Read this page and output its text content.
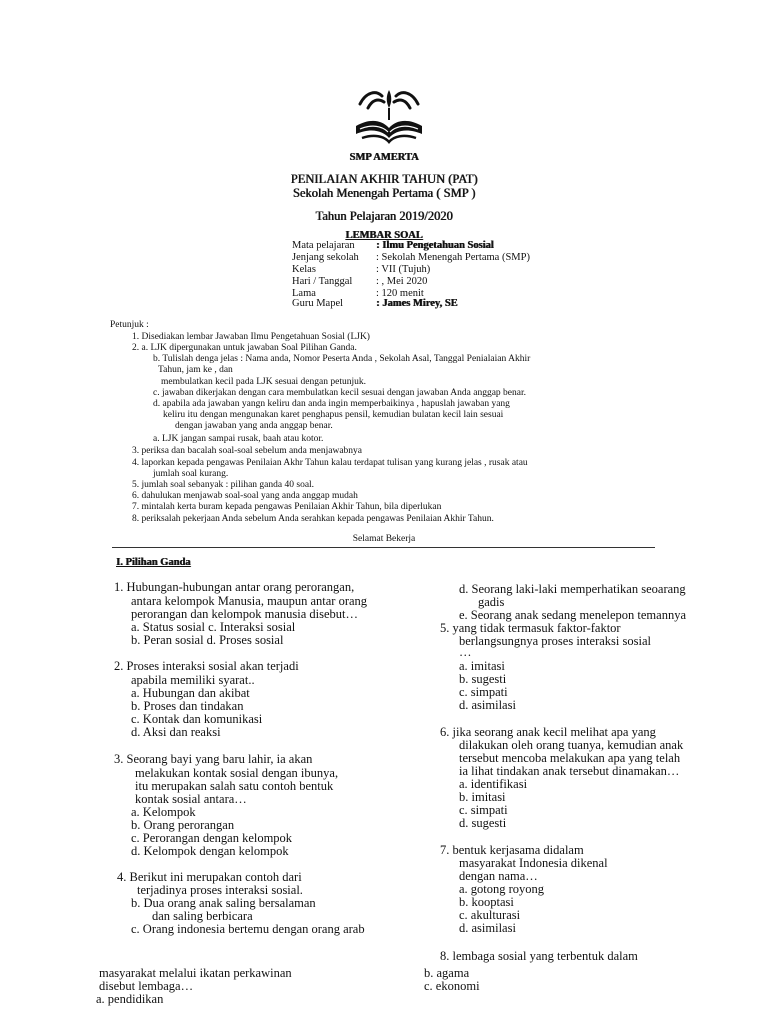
SMP AMERTA
PENILAIAN AKHIR TAHUN (PAT)
Sekolah Menengah Pertama ( SMP )
Tahun Pelajaran 2019/2020
LEMBAR SOAL
Mata pelajaran : Ilmu Pengetahuan Sosial
Jenjang sekolah : Sekolah Menengah Pertama (SMP)
Kelas	: VII (Tujuh)
Hari / Tanggal : , Mei 2020
Lama	: 120 menit
Guru Mapel	: James Mirey, SE
Petunjuk :
1. Disediakan lembar Jawaban Ilmu Pengetahuan Sosial (LJK)
2. a. LJK dipergunakan untuk jawaban Soal Pilihan Ganda.
b. Tulislah denga jelas : Nama anda, Nomor Peserta Anda , Sekolah Asal, Tanggal Penialaian Akhir
Tahun, jam ke , dan
membulatkan kecil pada LJK sesuai dengan petunjuk.
c. jawaban dikerjakan dengan cara membulatkan kecil sesuai dengan jawaban Anda anggap benar.
d. apabila ada jawaban yangn keliru dan anda ingin memperbaikinya , hapuslah jawaban yang
keliru itu dengan mengunakan karet penghapus pensil, kemudian bulatan kecil lain sesuai
dengan jawaban yang anda anggap benar.
a. LJK jangan sampai rusak, baah atau kotor.
3. periksa dan bacalah soal-soal sebelum anda menjawabnya
4. laporkan kepada pengawas Penilaian Akhr Tahun kalau terdapat tulisan yang kurang jelas , rusak atau
jumlah soal kurang.
5. jumlah soal sebanyak : pilihan ganda 40 soal.
6. dahulukan menjawab soal-soal yang anda anggap mudah
7. mintalah kerta buram kepada pengawas Penilaian Akhir Tahun, bila diperlukan
8. periksalah pekerjaan Anda sebelum Anda serahkan kepada pengawas Penilaian Akhir Tahun.
Selamat Bekerja
I. Pilihan Ganda
1. Hubungan-hubungan antar orang perorangan,
antara kelompok Manusia, maupun antar orang
perorangan dan kelompok manusia disebut…
a. Status sosial c. Interaksi sosial
b. Peran sosial d. Proses sosial
2. Proses interaksi sosial akan terjadi
apabila memiliki syarat..
a. Hubungan dan akibat
b. Proses dan tindakan
c. Kontak dan komunikasi
d. Aksi dan reaksi
3. Seorang bayi yang baru lahir, ia akan
melakukan kontak sosial dengan ibunya,
itu merupakan salah satu contoh bentuk
kontak sosial antara…
a. Kelompok
b. Orang perorangan
c. Perorangan dengan kelompok
d. Kelompok dengan kelompok
4. Berikut ini merupakan contoh dari
terjadinya proses interaksi sosial.
b. Dua orang anak saling bersalaman
dan saling berbicara
c. Orang indonesia bertemu dengan orang arab
d. Seorang laki-laki memperhatikan seoarang
gadis
e. Seorang anak sedang menelepon temannya
5. yang tidak termasuk faktor-faktor
berlangsungnya proses interaksi sosial
…
a. imitasi
b. sugesti
c. simpati
d. asimilasi
6. jika seorang anak kecil melihat apa yang
dilakukan oleh orang tuanya, kemudian anak
tersebut mencoba melakukan apa yang telah
ia lihat tindakan anak tersebut dinamakan…
a. identifikasi
b. imitasi
c. simpati
d. sugesti
7. bentuk kerjasama didalam
masyarakat Indonesia dikenal
dengan nama…
a. gotong royong
b. kooptasi
c. akulturasi
d. asimilasi
8. lembaga sosial yang terbentuk dalam
masyarakat melalui ikatan perkawinan
disebut lembaga…
a. pendidikan
b. agama
c. ekonomi
